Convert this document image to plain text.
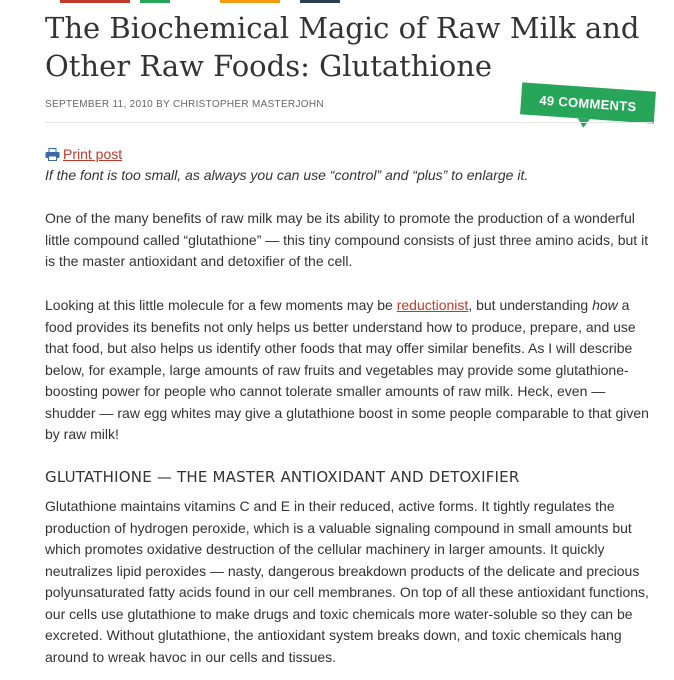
The Biochemical Magic of Raw Milk and Other Raw Foods: Glutathione
SEPTEMBER 11, 2010 BY CHRISTOPHER MASTERJOHN	49 COMMENTS
Print post

If the font is too small, as always you can use “control” and “plus” to enlarge it.

One of the many benefits of raw milk may be its ability to promote the production of a wonderful little compound called “glutathione” — this tiny compound consists of just three amino acids, but it is the master antioxidant and detoxifier of the cell.

Looking at this little molecule for a few moments may be reductionist, but understanding how a food provides its benefits not only helps us better understand how to produce, prepare, and use that food, but also helps us identify other foods that may offer similar benefits. As I will describe below, for example, large amounts of raw fruits and vegetables may provide some glutathione-boosting power for people who cannot tolerate smaller amounts of raw milk. Heck, even — shudder — raw egg whites may give a glutathione boost in some people comparable to that given by raw milk!

GLUTATHIONE — THE MASTER ANTIOXIDANT AND DETOXIFIER

Glutathione maintains vitamins C and E in their reduced, active forms. It tightly regulates the production of hydrogen peroxide, which is a valuable signaling compound in small amounts but which promotes oxidative destruction of the cellular machinery in larger amounts. It quickly neutralizes lipid peroxides — nasty, dangerous breakdown products of the delicate and precious polyunsaturated fatty acids found in our cell membranes. On top of all these antioxidant functions, our cells use glutathione to make drugs and toxic chemicals more water-soluble so they can be excreted. Without glutathione, the antioxidant system breaks down, and toxic chemicals hang around to wreak havoc in our cells and tissues.
